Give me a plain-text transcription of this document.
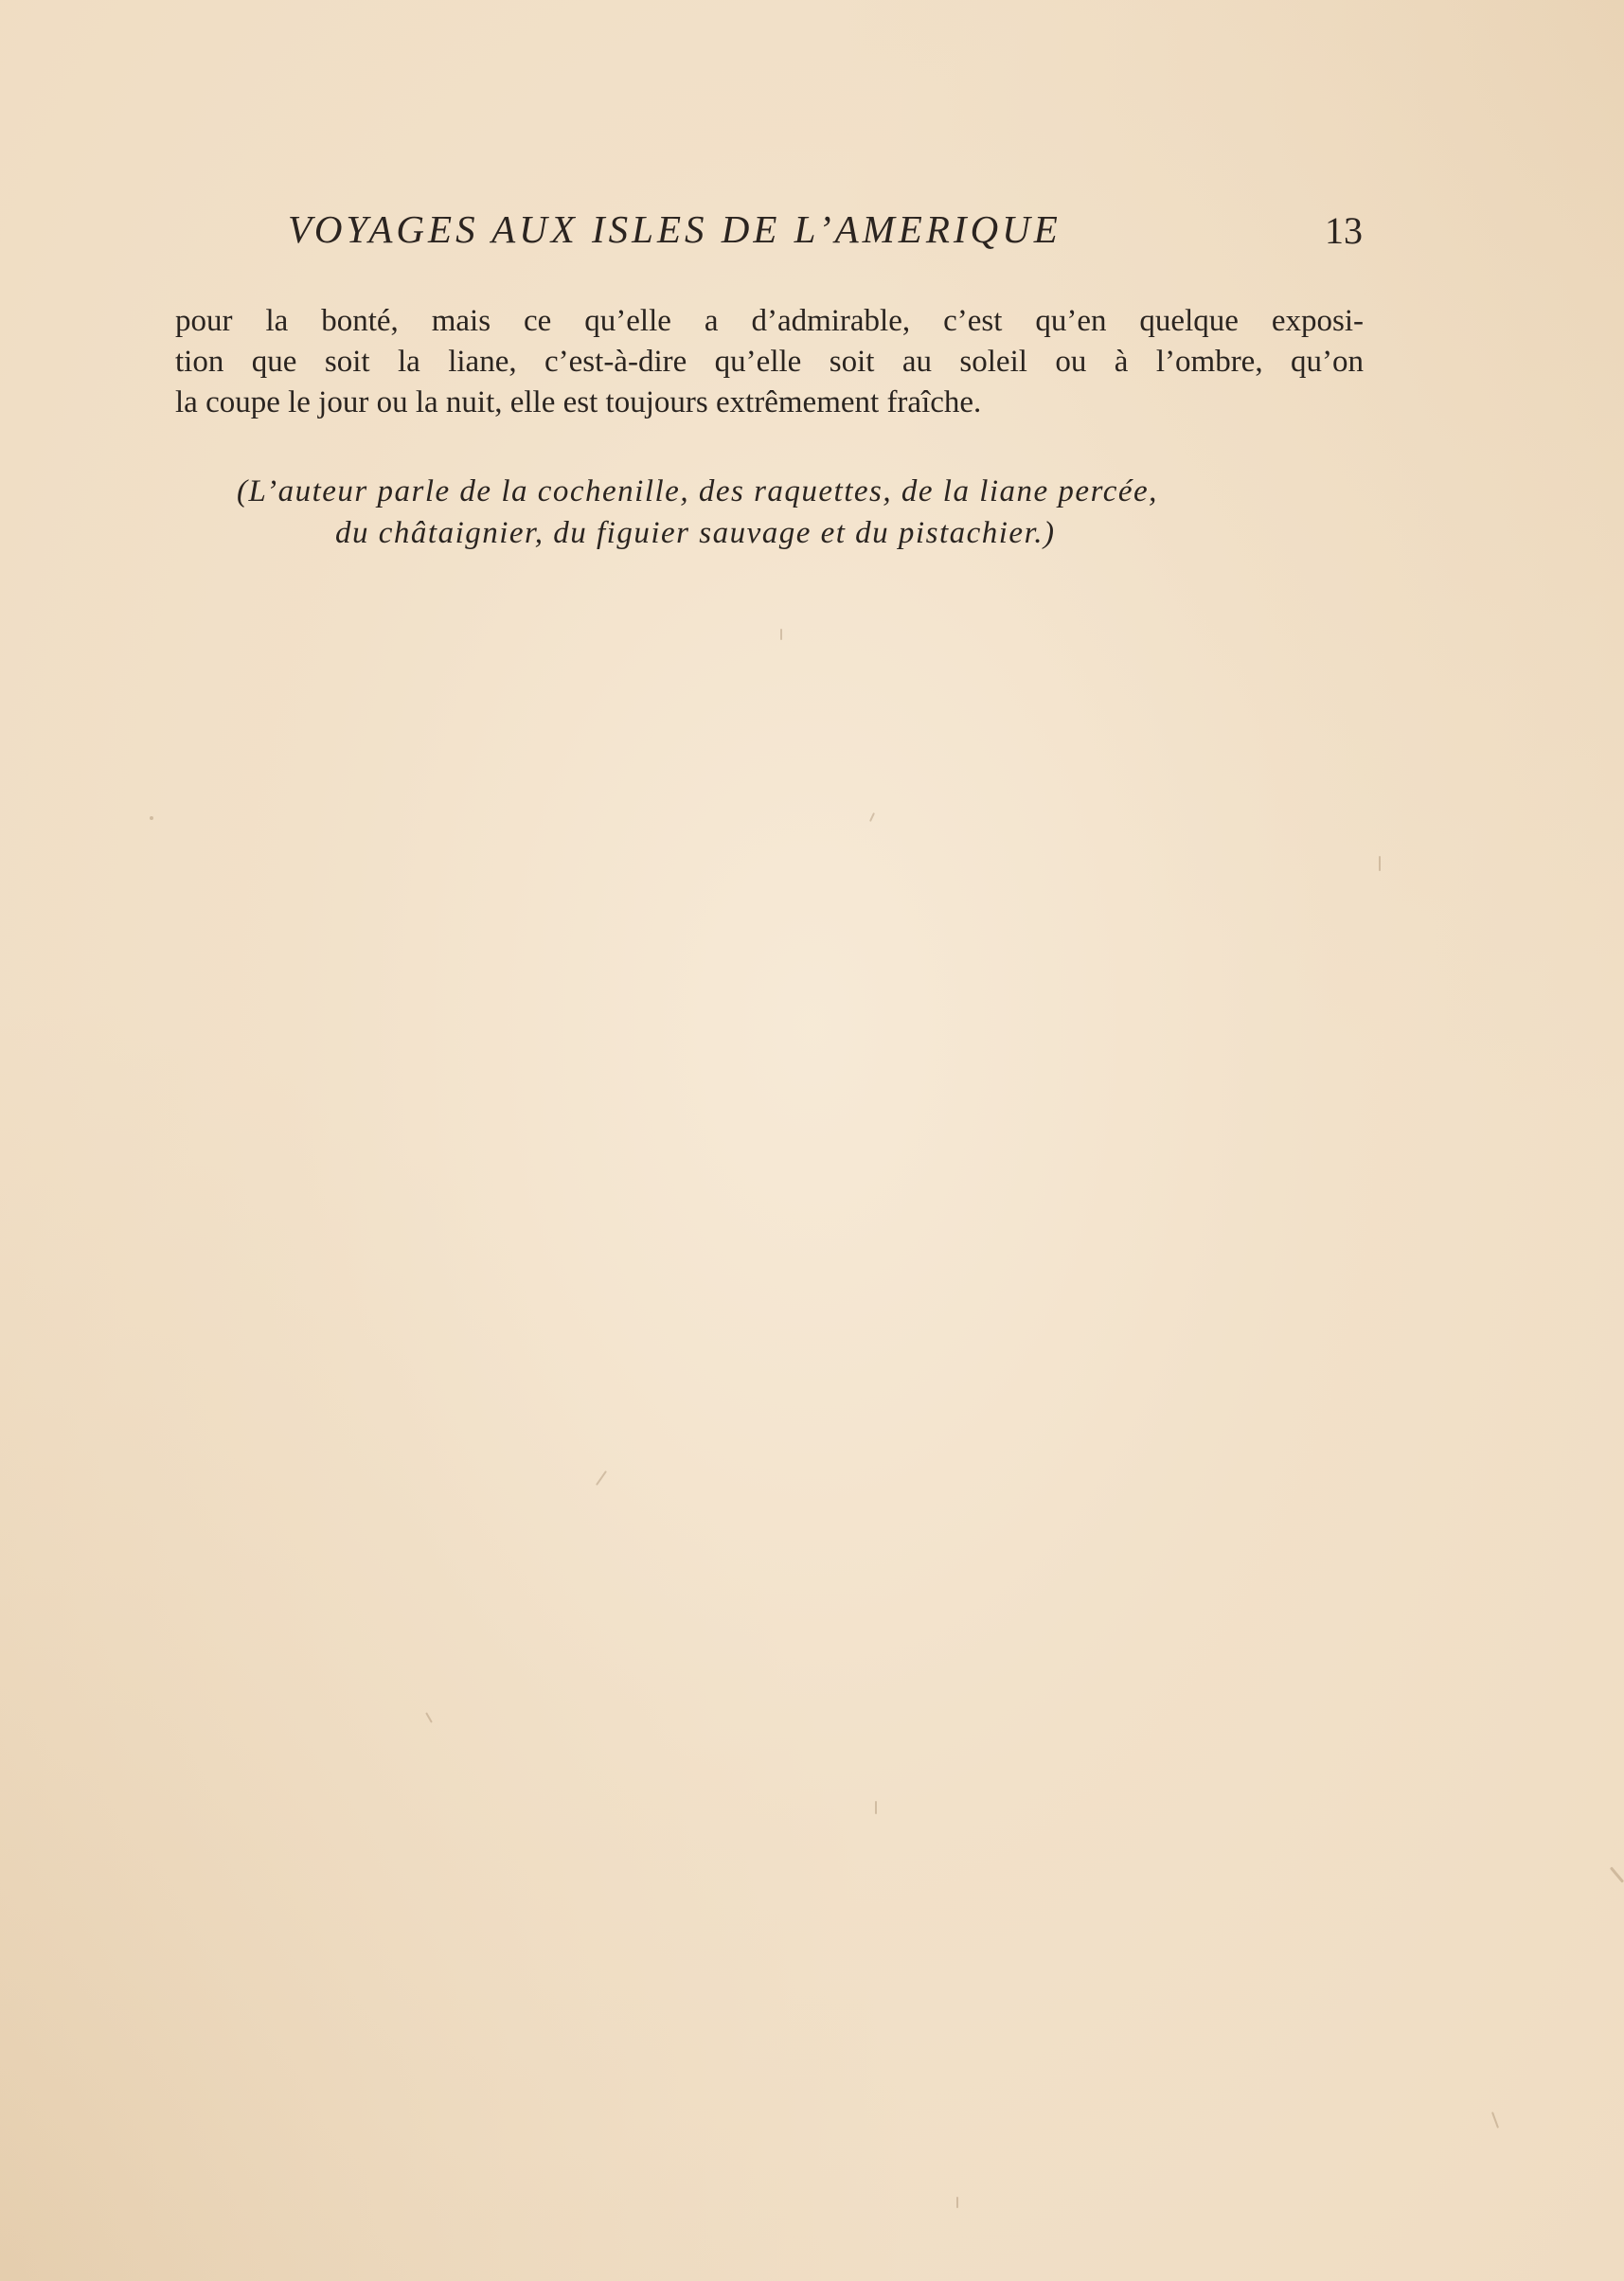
VOYAGES AUX ISLES DE L’AMERIQUE	13
pour la bonté, mais ce qu’elle a d’admirable, c’est qu’en quelque exposi-
tion que soit la liane, c’est-à-dire qu’elle soit au soleil ou à l’ombre, qu’on
la coupe le jour ou la nuit, elle est toujours extrêmement fraîche.
(L’auteur parle de la cochenille, des raquettes, de la liane percée,
du châtaignier, du figuier sauvage et du pistachier.)
